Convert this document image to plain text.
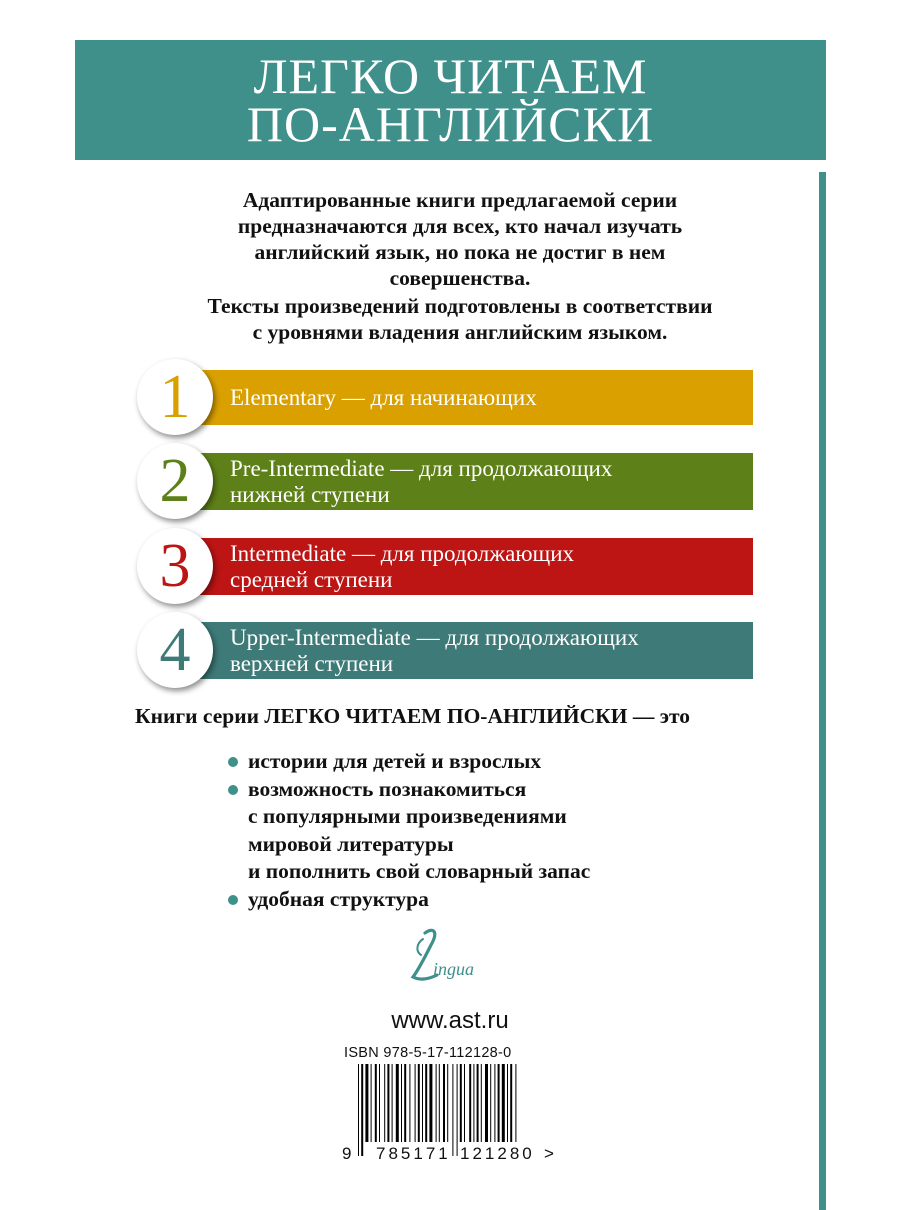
ЛЕГКО ЧИТАЕМ
ПО-АНГЛИЙСКИ
Адаптированные книги предлагаемой серии
предназначаются для всех, кто начал изучать
английский язык, но пока не достиг в нем
совершенства.
Тексты произведений подготовлены в соответствии
с уровнями владения английским языком.
Elementary — для начинающих
1
Pre-Intermediate — для продолжающих
нижней ступени
2
Intermediate — для продолжающих
средней ступени
3
Upper-Intermediate — для продолжающих
верхней ступени
4
Книги серии ЛЕГКО ЧИТАЕМ ПО-АНГЛИЙСКИ — это
истории для детей и взрослых
возможность познакомиться
с популярными произведениями
мировой литературы
и пополнить свой словарный запас
удобная структура
ingua
www.ast.ru
ISBN 978-5-17-112128-0
9 785171 121280 >
